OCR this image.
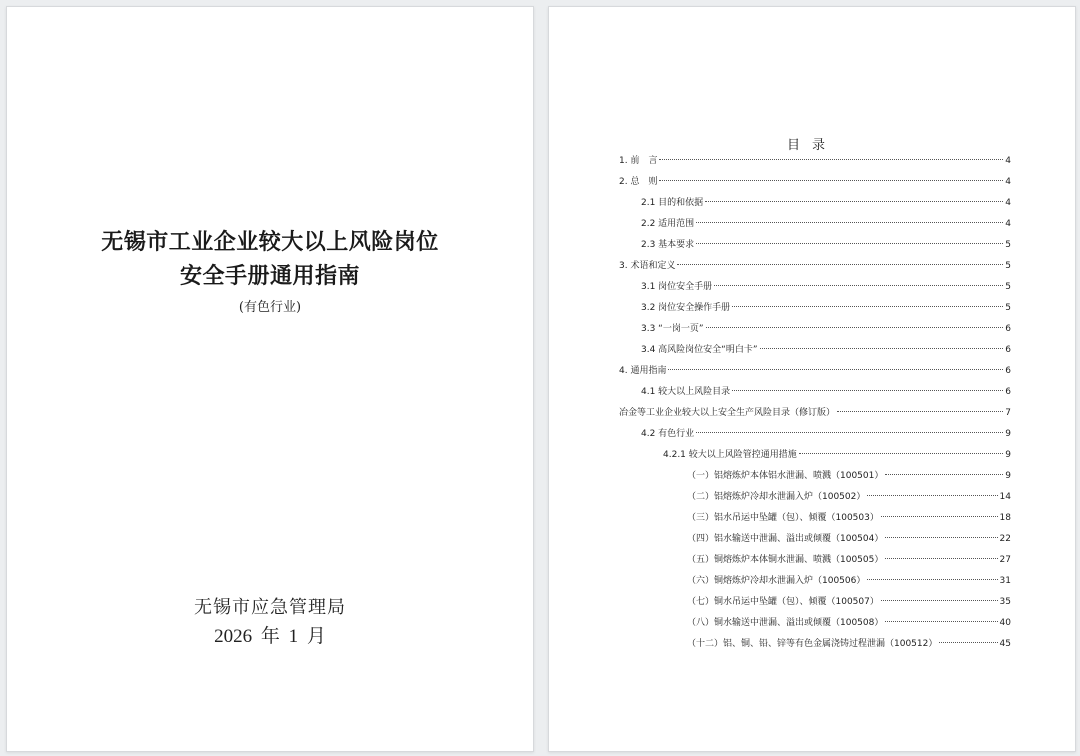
无锡市工业企业较大以上风险岗位
安全手册通用指南
(有色行业)
无锡市应急管理局
2026 年 1 月
目录
1. 前　言	4
2. 总　则	4
2.1 目的和依据	4
2.2 适用范围	4
2.3 基本要求	5
3. 术语和定义	5
3.1 岗位安全手册	5
3.2 岗位安全操作手册	5
3.3 “一岗一页”	6
3.4 高风险岗位安全“明白卡”	6
4. 通用指南	6
4.1 较大以上风险目录	6
冶金等工业企业较大以上安全生产风险目录（修订版）	7
4.2 有色行业	9
4.2.1 较大以上风险管控通用措施	9
（一）铝熔炼炉本体铝水泄漏、喷溅（100501）	9
（二）铝熔炼炉冷却水泄漏入炉（100502）	14
（三）铝水吊运中坠罐（包）、倾覆（100503）	18
（四）铝水输送中泄漏、溢出或倾覆（100504）	22
（五）铜熔炼炉本体铜水泄漏、喷溅（100505）	27
（六）铜熔炼炉冷却水泄漏入炉（100506）	31
（七）铜水吊运中坠罐（包）、倾覆（100507）	35
（八）铜水输送中泄漏、溢出或倾覆（100508）	40
（十二）铝、铜、铅、锌等有色金属浇铸过程泄漏（100512）	45
